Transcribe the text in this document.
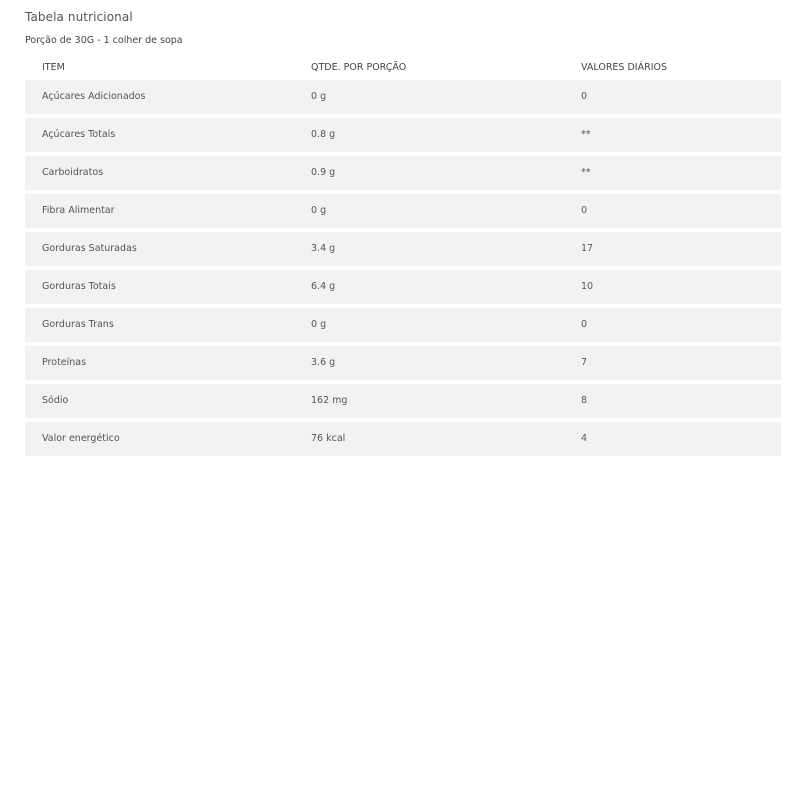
Tabela nutricional
Porção de 30G - 1 colher de sopa
ITEM	QTDE. POR PORÇÃO	VALORES DIÁRIOS
Açúcares Adicionados	0 g	0
Açúcares Totais	0.8 g	**
Carboidratos	0.9 g	**
Fibra Alimentar	0 g	0
Gorduras Saturadas	3.4 g	17
Gorduras Totais	6.4 g	10
Gorduras Trans	0 g	0
Proteínas	3.6 g	7
Sódio	162 mg	8
Valor energético	76 kcal	4
